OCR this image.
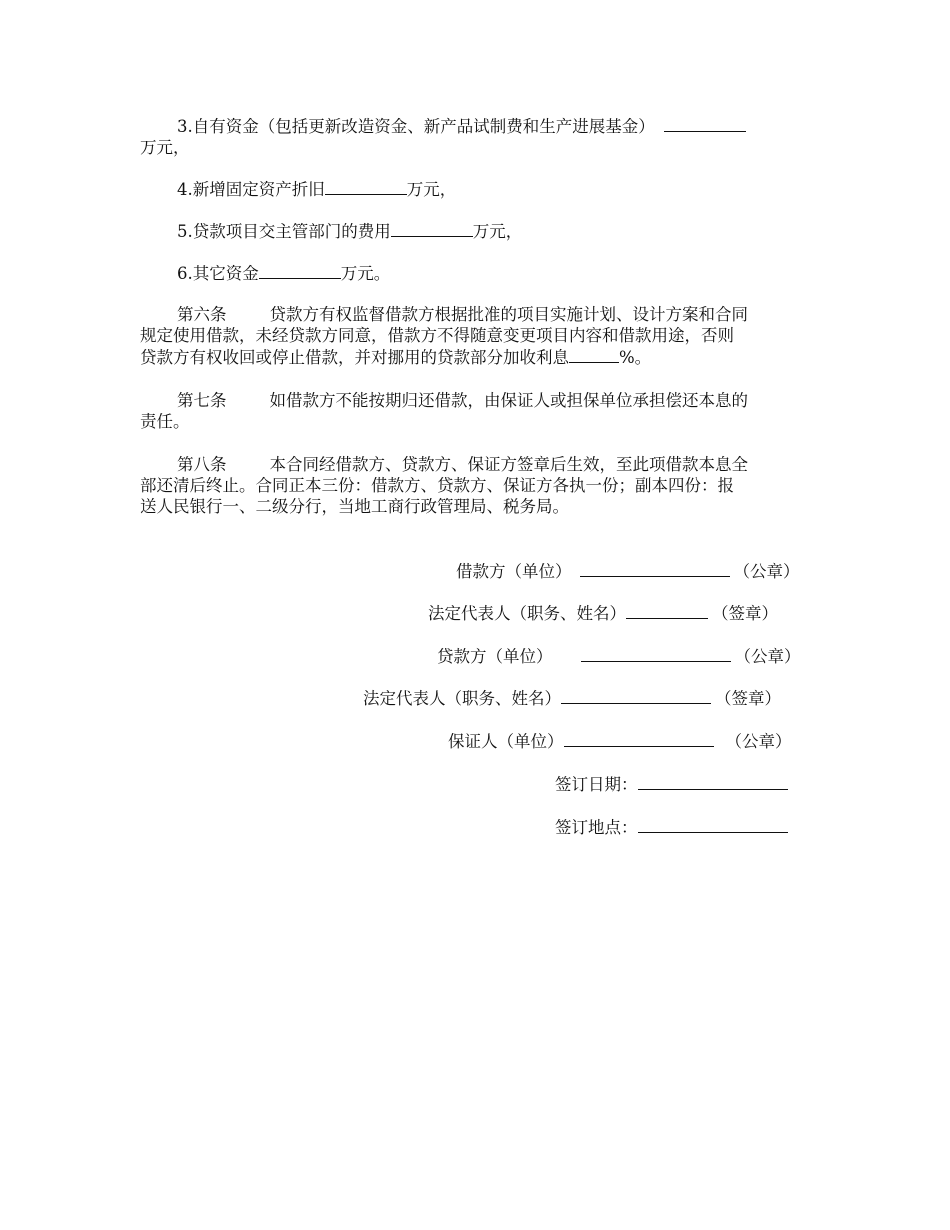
3.自有资金（包括更新改造资金、新产品试制费和生产进展基金）
万元，
4.新增固定资产折旧	万元，
5.贷款项目交主管部门的费用	万元，
6.其它资金	万元。
第六条	贷款方有权监督借款方根据批准的项目实施计划、设计方案和合同
规定使用借款，未经贷款方同意，借款方不得随意变更项目内容和借款用途，否则
贷款方有权收回或停止借款，并对挪用的贷款部分加收利息	%。
第七条	如借款方不能按期归还借款，由保证人或担保单位承担偿还本息的
责任。
第八条	本合同经借款方、贷款方、保证方签章后生效，至此项借款本息全
部还清后终止。合同正本三份：借款方、贷款方、保证方各执一份；副本四份：报
送人民银行一、二级分行，当地工商行政管理局、税务局。
借款方（单位）	（公章）
法定代表人（职务、姓名）	（签章）
贷款方（单位）	（公章）
法定代表人（职务、姓名）	（签章）
保证人（单位）	（公章）
签订日期：
签订地点：
